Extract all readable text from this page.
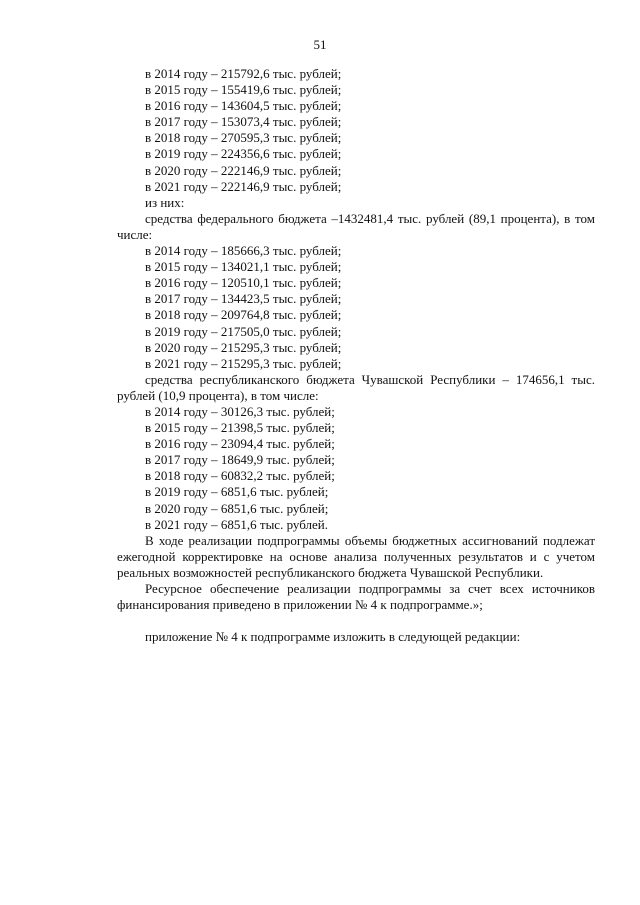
51
в 2014 году – 215792,6 тыс. рублей;
в 2015 году – 155419,6 тыс. рублей;
в 2016 году – 143604,5 тыс. рублей;
в 2017 году – 153073,4 тыс. рублей;
в 2018 году – 270595,3 тыс. рублей;
в 2019 году – 224356,6 тыс. рублей;
в 2020 году – 222146,9 тыс. рублей;
в 2021 году – 222146,9 тыс. рублей;
из них:
средства федерального бюджета –1432481,4 тыс. рублей (89,1 процента), в том числе:
в 2014 году – 185666,3 тыс. рублей;
в 2015 году – 134021,1 тыс. рублей;
в 2016 году – 120510,1 тыс. рублей;
в 2017 году – 134423,5 тыс. рублей;
в 2018 году – 209764,8 тыс. рублей;
в 2019 году – 217505,0 тыс. рублей;
в 2020 году – 215295,3 тыс. рублей;
в 2021 году – 215295,3 тыс. рублей;
средства республиканского бюджета Чувашской Республики – 174656,1 тыс. рублей (10,9 процента), в том числе:
в 2014 году – 30126,3 тыс. рублей;
в 2015 году – 21398,5 тыс. рублей;
в 2016 году – 23094,4 тыс. рублей;
в 2017 году – 18649,9 тыс. рублей;
в 2018 году – 60832,2 тыс. рублей;
в 2019 году – 6851,6 тыс. рублей;
в 2020 году – 6851,6 тыс. рублей;
в 2021 году – 6851,6 тыс. рублей.
В ходе реализации подпрограммы объемы бюджетных ассигнований подлежат ежегодной корректировке на основе анализа полученных результатов и с учетом реальных возможностей республиканского бюджета Чувашской Республики.
Ресурсное обеспечение реализации подпрограммы за счет всех источников финансирования приведено в приложении № 4 к подпрограмме.»;
приложение № 4 к подпрограмме изложить в следующей редакции:
